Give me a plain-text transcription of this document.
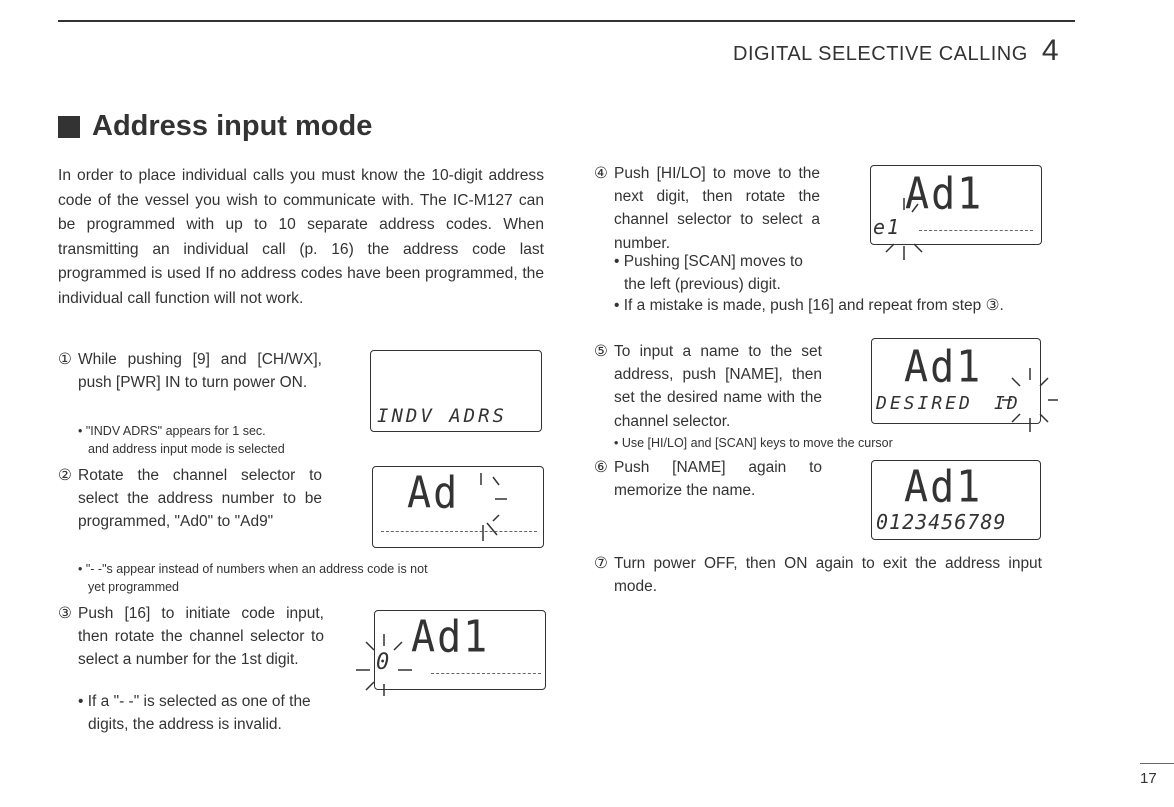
DIGITAL SELECTIVE CALLING 4
Address input mode
In order to place individual calls you must know the 10-digit address code of the vessel you wish to communicate with. The IC-M127 can be programmed with up to 10 separate address codes. When transmitting an individual call (p. 16) the address code last programmed is used If no address codes have been programmed, the individual call function will not work.
① While pushing [9] and [CH/WX], push [PWR] IN to turn power ON.
• "INDV ADRS" appears for 1 sec.
and address input mode is selected
INDV ADRS
② Rotate the channel selector to select the address number to be programmed, "Ad0" to "Ad9"
• "- -"s appear instead of numbers when an address code is not
yet programmed
Ad
③ Push [16] to initiate code input, then rotate the channel selector to select a number for the 1st digit.
• If a "- -" is selected as one of the digits, the address is invalid.
Ad1
0
④ Push [HI/LO] to move to the next digit, then rotate the channel selector to select a number.
• Pushing [SCAN] moves to the left (previous) digit.
• If a mistake is made, push [16] and repeat from step ③.
Ad1
e1
⑤ To input a name to the set address, push [NAME], then set the desired name with the channel selector.
• Use [HI/LO] and [SCAN] keys to move the cursor
Ad1
DESIRED ID
⑥ Push [NAME] again to memorize the name.	Ad1
0123456789
⑦ Turn power OFF, then ON again to exit the address input mode.
17
